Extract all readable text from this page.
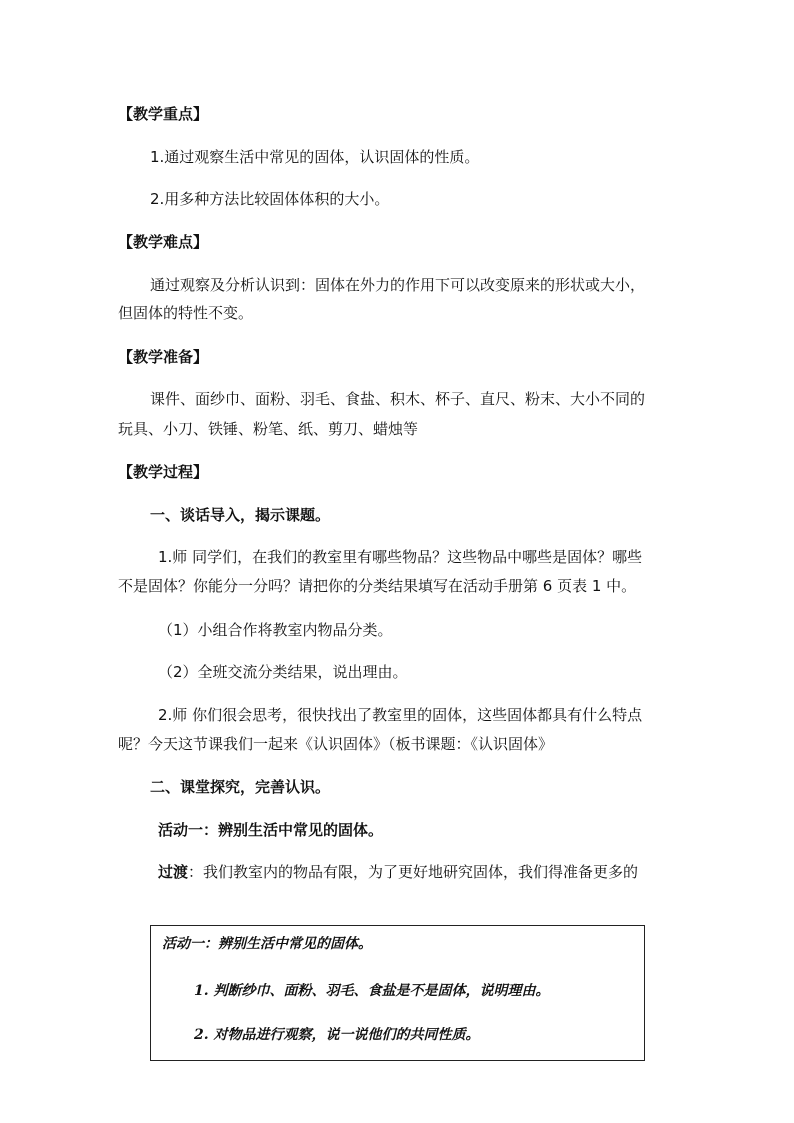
【教学重点】
1.通过观察生活中常见的固体，认识固体的性质。
2.用多种方法比较固体体积的大小。
【教学难点】
通过观察及分析认识到：固体在外力的作用下可以改变原来的形状或大小，
但固体的特性不变。
【教学准备】
课件、面纱巾、面粉、羽毛、食盐、积木、杯子、直尺、粉末、大小不同的
玩具、小刀、铁锤、粉笔、纸、剪刀、蜡烛等
【教学过程】
一、谈话导入，揭示课题。
1.师 同学们，在我们的教室里有哪些物品？这些物品中哪些是固体？哪些
不是固体？你能分一分吗？请把你的分类结果填写在活动手册第 6 页表 1 中。
（1）小组合作将教室内物品分类。
（2）全班交流分类结果，说出理由。
2.师 你们很会思考，很快找出了教室里的固体，这些固体都具有什么特点
呢？今天这节课我们一起来《认识固体》（板书课题：《认识固体》
二、课堂探究，完善认识。
活动一：辨别生活中常见的固体。
过渡：我们教室内的物品有限，为了更好地研究固体，我们得准备更多的
活动一：辨别生活中常见的固体。
1. 判断纱巾、面粉、羽毛、食盐是不是固体，说明理由。
2. 对物品进行观察，说一说他们的共同性质。
